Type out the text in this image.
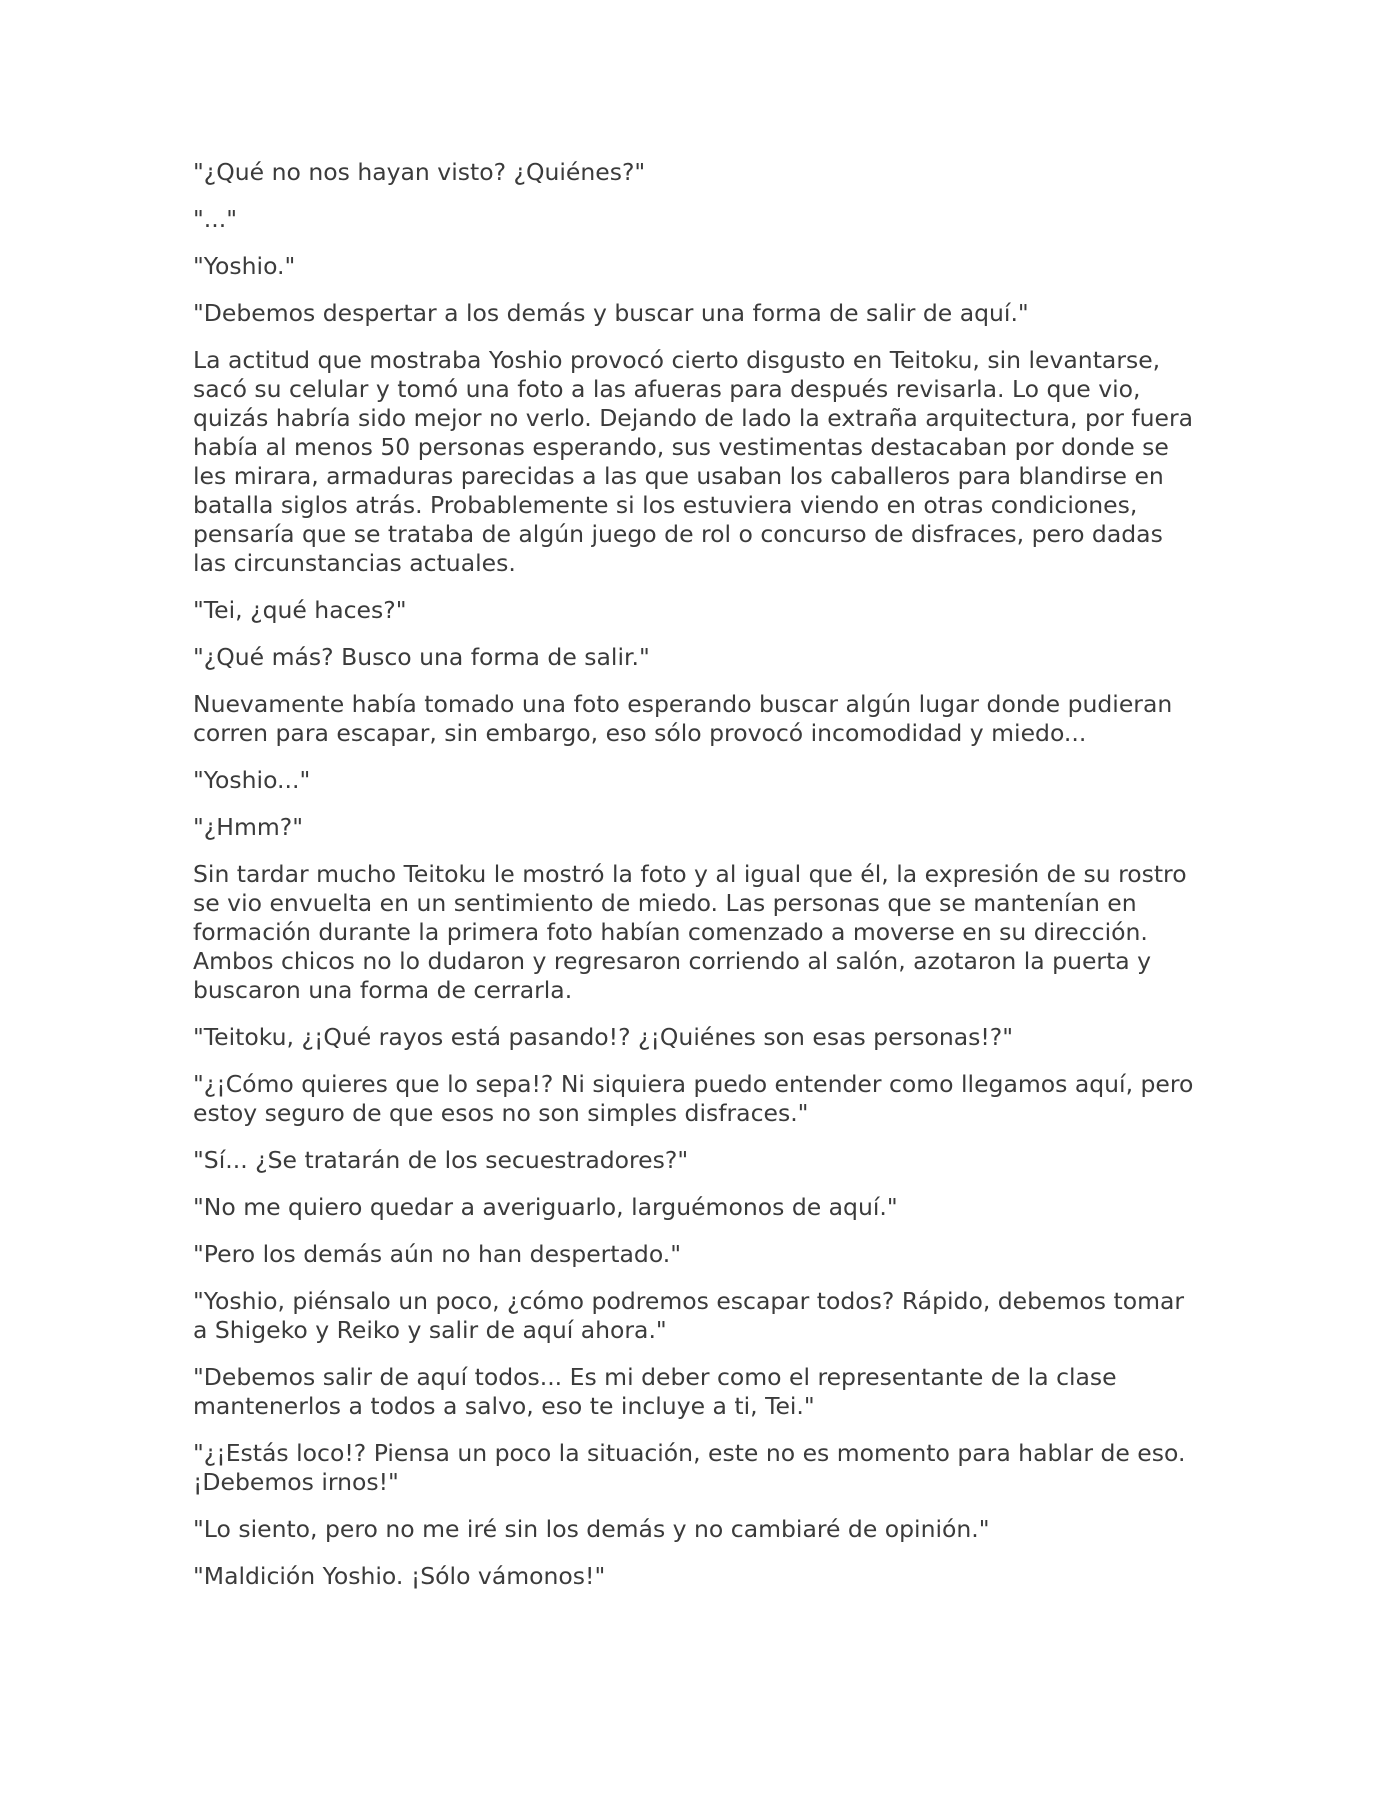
"¿Qué no nos hayan visto? ¿Quiénes?"

"..."

"Yoshio."

"Debemos despertar a los demás y buscar una forma de salir de aquí."

La actitud que mostraba Yoshio provocó cierto disgusto en Teitoku, sin levantarse, sacó su celular y tomó una foto a las afueras para después revisarla. Lo que vio, quizás habría sido mejor no verlo. Dejando de lado la extraña arquitectura, por fuera había al menos 50 personas esperando, sus vestimentas destacaban por donde se les mirara, armaduras parecidas a las que usaban los caballeros para blandirse en batalla siglos atrás. Probablemente si los estuviera viendo en otras condiciones, pensaría que se trataba de algún juego de rol o concurso de disfraces, pero dadas las circunstancias actuales.

"Tei, ¿qué haces?"

"¿Qué más? Busco una forma de salir."

Nuevamente había tomado una foto esperando buscar algún lugar donde pudieran corren para escapar, sin embargo, eso sólo provocó incomodidad y miedo...

"Yoshio..."

"¿Hmm?"

Sin tardar mucho Teitoku le mostró la foto y al igual que él, la expresión de su rostro se vio envuelta en un sentimiento de miedo. Las personas que se mantenían en formación durante la primera foto habían comenzado a moverse en su dirección. Ambos chicos no lo dudaron y regresaron corriendo al salón, azotaron la puerta y buscaron una forma de cerrarla.

"Teitoku, ¿¡Qué rayos está pasando!? ¿¡Quiénes son esas personas!?"

"¿¡Cómo quieres que lo sepa!? Ni siquiera puedo entender como llegamos aquí, pero estoy seguro de que esos no son simples disfraces."

"Sí... ¿Se tratarán de los secuestradores?"

"No me quiero quedar a averiguarlo, larguémonos de aquí."

"Pero los demás aún no han despertado."

"Yoshio, piénsalo un poco, ¿cómo podremos escapar todos? Rápido, debemos tomar a Shigeko y Reiko y salir de aquí ahora."

"Debemos salir de aquí todos... Es mi deber como el representante de la clase mantenerlos a todos a salvo, eso te incluye a ti, Tei."

"¿¡Estás loco!? Piensa un poco la situación, este no es momento para hablar de eso. ¡Debemos irnos!"

"Lo siento, pero no me iré sin los demás y no cambiaré de opinión."

"Maldición Yoshio. ¡Sólo vámonos!"
